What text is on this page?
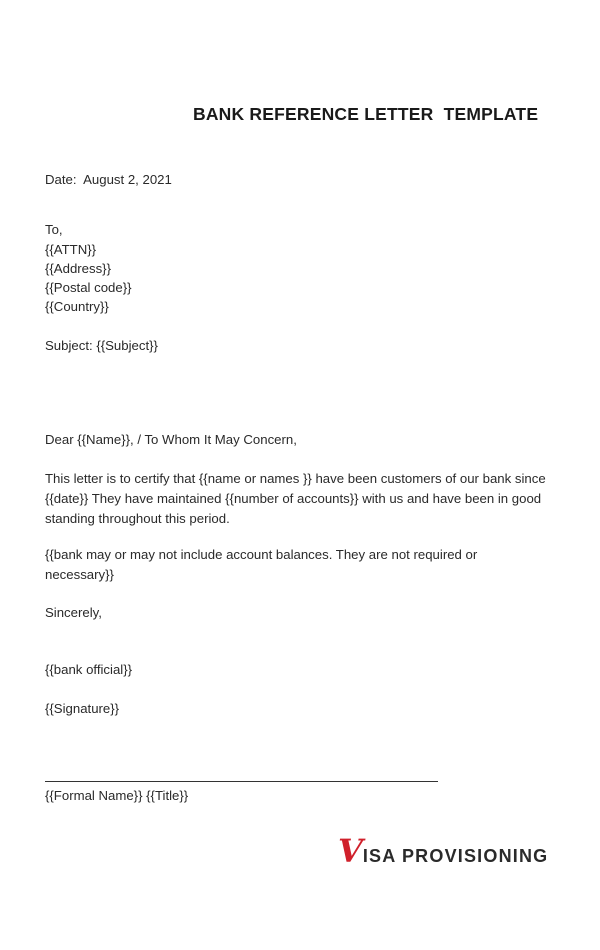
BANK REFERENCE LETTER  TEMPLATE
Date:  August 2, 2021
To,
{{ATTN}}
{{Address}}
{{Postal code}}
{{Country}}
Subject: {{Subject}}
Dear {{Name}}, / To Whom It May Concern,
This letter is to certify that {{name or names }} have been customers of our bank since {{date}} They have maintained {{number of accounts}} with us and have been in good standing throughout this period.
{{bank may or may not include account balances. They are not required or necessary}}
Sincerely,
{{bank official}}
{{Signature}}
{{Formal Name}} {{Title}}
V ISA PROVISIONING
